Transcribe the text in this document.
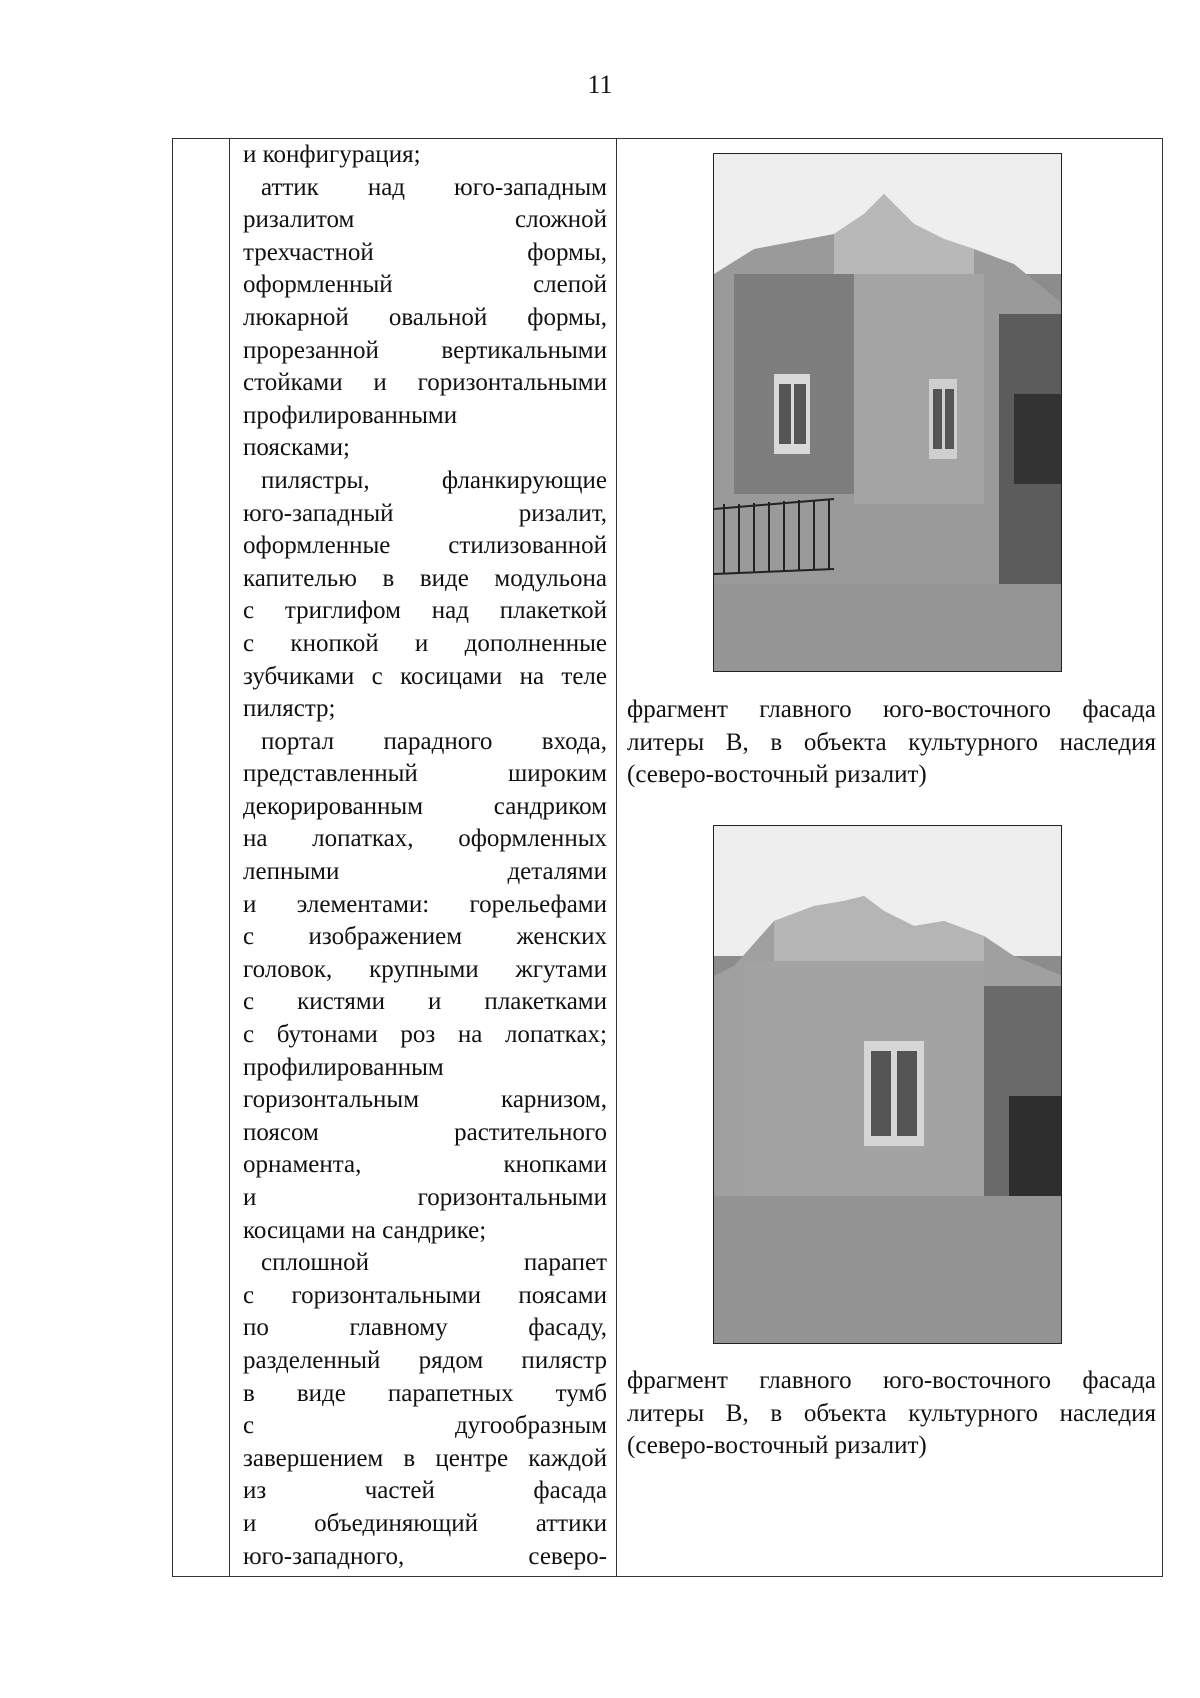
11
и конфигурация;
аттик над юго-западным
ризалитом сложной
трехчастной формы,
оформленный слепой
люкарной овальной формы,
прорезанной вертикальными
стойками и горизонтальными
профилированными
поясками;
пилястры, фланкирующие
юго-западный ризалит,
оформленные стилизованной
капителью в виде модульона
с триглифом над плакеткой
с кнопкой и дополненные
зубчиками с косицами на теле
пилястр;
портал парадного входа,
представленный широким
декорированным сандриком
на лопатках, оформленных
лепными деталями
и элементами: горельефами
с изображением женских
головок, крупными жгутами
с кистями и плакетками
с бутонами роз на лопатках;
профилированным
горизонтальным карнизом,
поясом растительного
орнамента, кнопками
и горизонтальными
косицами на сандрике;
сплошной парапет
с горизонтальными поясами
по главному фасаду,
разделенный рядом пилястр
в виде парапетных тумб
с дугообразным
завершением в центре каждой
из частей фасада
и объединяющий аттики
юго-западного, северо-
фрагмент главного юго-восточного фасада
литеры В, в объекта культурного наследия
(северо-восточный ризалит)
фрагмент главного юго-восточного фасада
литеры В, в объекта культурного наследия
(северо-восточный ризалит)
